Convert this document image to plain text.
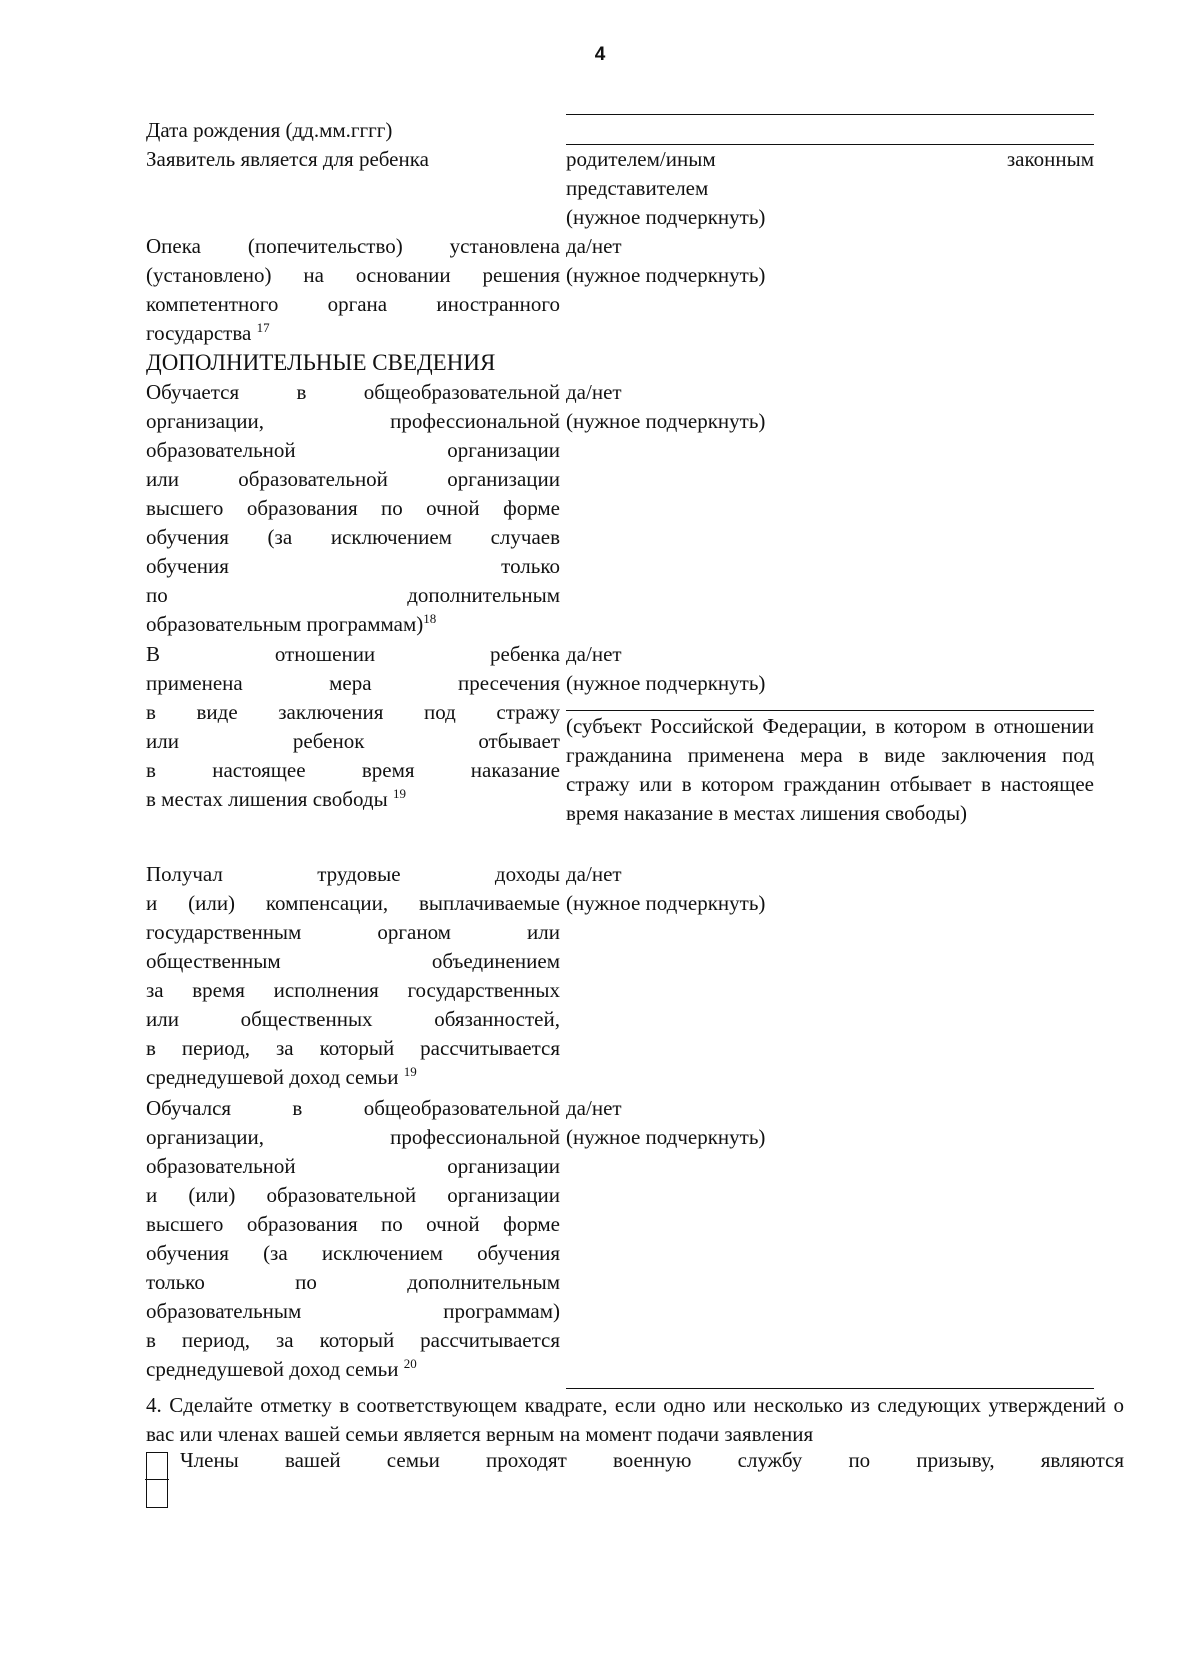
4
Дата рождения (дд.мм.гггг)
Заявитель является для ребенка	родителем/иным	законным
представителем
(нужное подчеркнуть)
Опека (попечительство) установлена
(установлено) на основании решения
компетентного органа иностранного
государства $^{17}$
да/нет
(нужное подчеркнуть)
ДОПОЛНИТЕЛЬНЫЕ СВЕДЕНИЯ
Обучается в общеобразовательной
организации, профессиональной
образовательной организации
или образовательной организации
высшего образования по очной форме
обучения (за исключением случаев
обучения только
по дополнительным
образовательным программам)$^{18}$
да/нет
(нужное подчеркнуть)
В отношении ребенка
применена мера пресечения
в виде заключения под стражу
или ребенок отбывает
в настоящее время наказание
в местах лишения свободы $^{19}$
да/нет
(нужное подчеркнуть)
(субъект Российской Федерации, в котором в отношении гражданина применена мера в виде заключения под стражу или в котором гражданин отбывает в настоящее время наказание в местах лишения свободы)
Получал трудовые доходы
и (или) компенсации, выплачиваемые
государственным органом или
общественным объединением
за время исполнения государственных
или общественных обязанностей,
в период, за который рассчитывается
среднедушевой доход семьи $^{19}$
да/нет
(нужное подчеркнуть)
Обучался в общеобразовательной
организации, профессиональной
образовательной организации
и (или) образовательной организации
высшего образования по очной форме
обучения (за исключением обучения
только по дополнительным
образовательным программам)
в период, за который рассчитывается
среднедушевой доход семьи $^{20}$
да/нет
(нужное подчеркнуть)
4. Сделайте отметку в соответствующем квадрате, если одно или несколько из следующих утверждений о вас или членах вашей семьи является верным на момент подачи заявления
Члены вашей семьи проходят военную службу по призыву, являются
